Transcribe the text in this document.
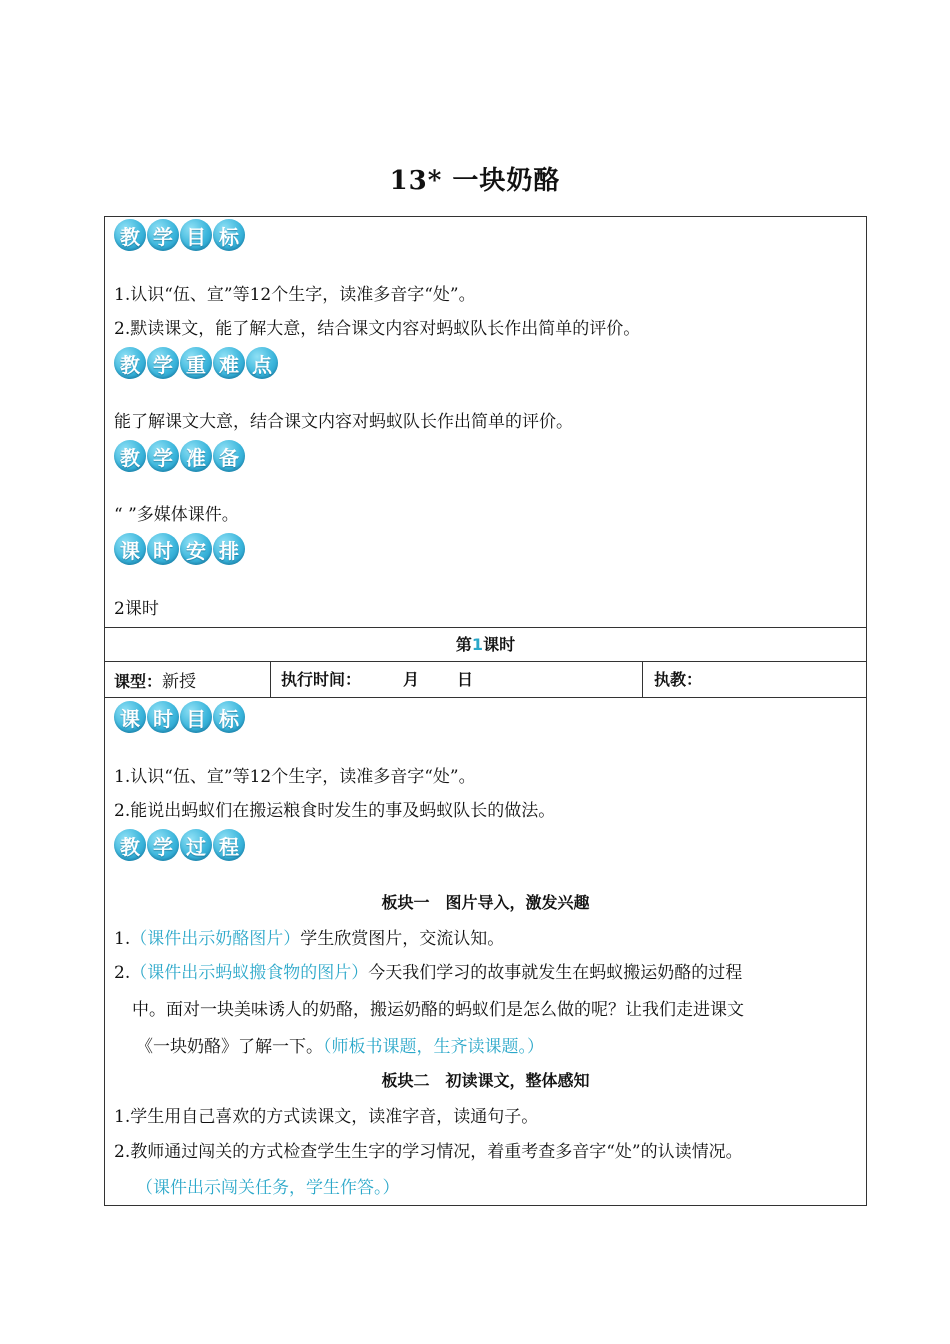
13* 一块奶酪
教 学 目 标
1.认识“伍、宣”等12个生字，读准多音字“处”。
2.默读课文，能了解大意，结合课文内容对蚂蚁队长作出简单的评价。
教 学 重 难 点
能了解课文大意，结合课文内容对蚂蚁队长作出简单的评价。
教 学 准 备
“ ”多媒体课件。
课 时 安 排
2课时
第1课时
课型：新授	执行时间：	月 日	执教：
课 时 目 标
1.认识“伍、宣”等12个生字，读准多音字“处”。
2.能说出蚂蚁们在搬运粮食时发生的事及蚂蚁队长的做法。
教 学 过 程
板块一　图片导入，激发兴趣
1.（课件出示奶酪图片）学生欣赏图片，交流认知。
2.（课件出示蚂蚁搬食物的图片）今天我们学习的故事就发生在蚂蚁搬运奶酪的过程
中。面对一块美味诱人的奶酪，搬运奶酪的蚂蚁们是怎么做的呢？让我们走进课文
《一块奶酪》了解一下。（师板书课题，生齐读课题。）
板块二　初读课文，整体感知
1.学生用自己喜欢的方式读课文，读准字音，读通句子。
2.教师通过闯关的方式检查学生生字的学习情况，着重考查多音字“处”的认读情况。
（课件出示闯关任务，学生作答。）
